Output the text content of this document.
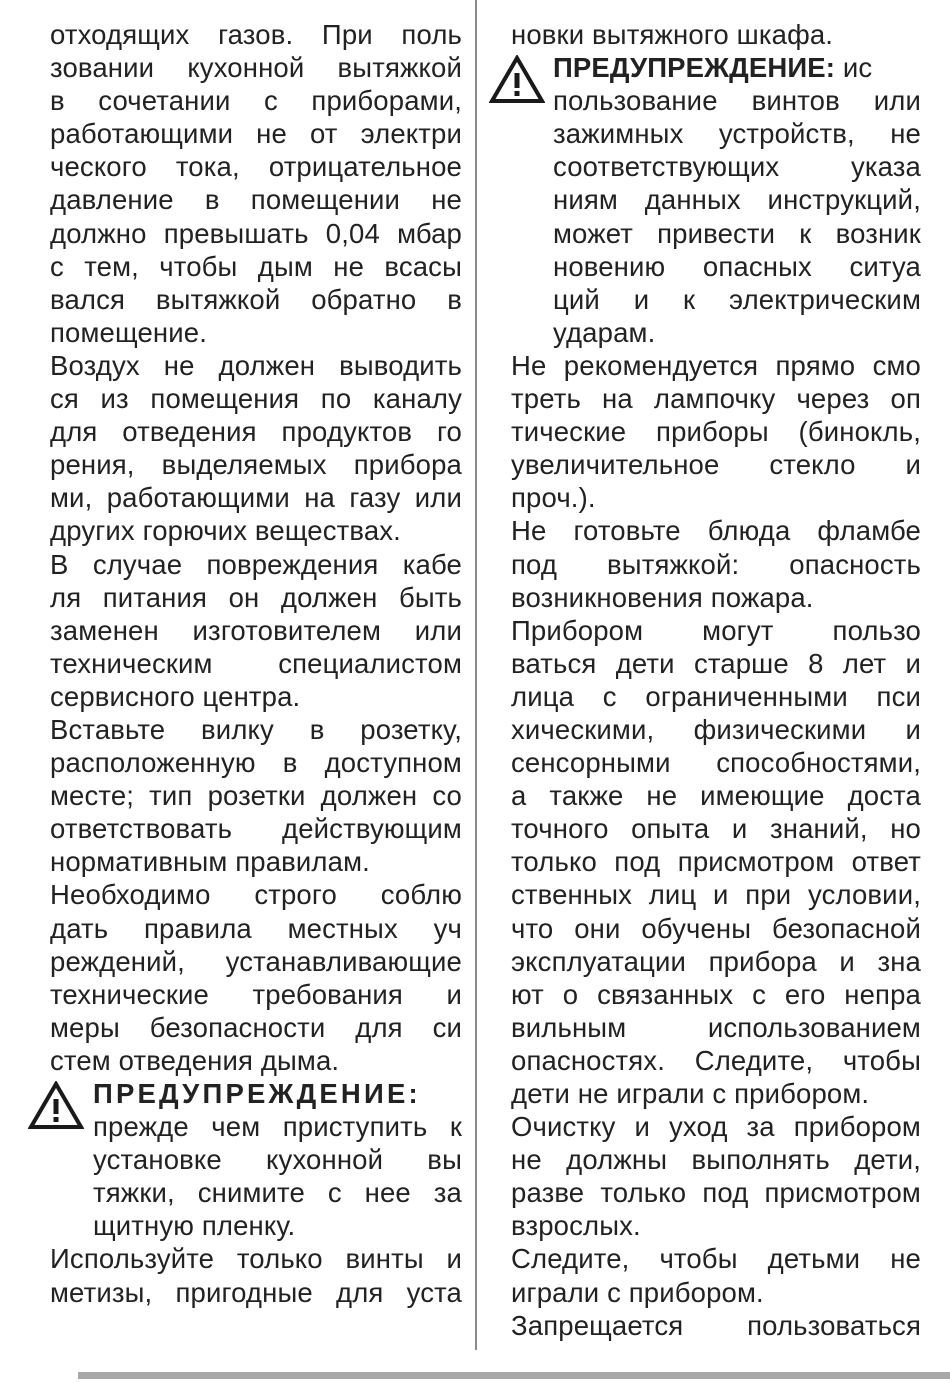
отходящих газов. При поль
зовании кухонной вытяжкой
в сочетании с приборами,
работающими не от электри
ческого тока, отрицательное
давление в помещении не
должно превышать 0,04 мбар
с тем, чтобы дым не всасы
вался вытяжкой обратно в
помещение.
Воздух не должен выводить
ся из помещения по каналу
для отведения продуктов го
рения, выделяемых прибора
ми, работающими на газу или
других горючих веществах.
В случае повреждения кабе
ля питания он должен быть
заменен изготовителем или
техническим специалистом
сервисного центра.
Вставьте вилку в розетку,
расположенную в доступном
месте; тип розетки должен со
ответствовать действующим
нормативным правилам.
Необходимо строго соблю
дать правила местных уч
реждений, устанавливающие
технические требования и
меры безопасности для си
стем отведения дыма.
ПРЕДУПРЕЖДЕНИЕ:
прежде чем приступить к
установке кухонной вы
тяжки, снимите с нее за
щитную пленку.
Используйте только винты и
метизы, пригодные для уста
новки вытяжного шкафа.
ПРЕДУПРЕЖДЕНИЕ: ис
пользование винтов или
зажимных устройств, не
соответствующих указа
ниям данных инструкций,
может привести к возник
новению опасных ситуа
ций и к электрическим
ударам.
Не рекомендуется прямо смо
треть на лампочку через оп
тические приборы (бинокль,
увеличительное стекло и
проч.).
Не готовьте блюда фламбе
под вытяжкой: опасность
возникновения пожара.
Прибором могут пользо
ваться дети старше 8 лет и
лица с ограниченными пси
хическими, физическими и
сенсорными способностями,
а также не имеющие доста
точного опыта и знаний, но
только под присмотром ответ
ственных лиц и при условии,
что они обучены безопасной
эксплуатации прибора и зна
ют о связанных с его непра
вильным использованием
опасностях. Следите, чтобы
дети не играли с прибором.
Очистку и уход за прибором
не должны выполнять дети,
разве только под присмотром
взрослых.
Следите, чтобы детьми не
играли с прибором.
Запрещается пользоваться
